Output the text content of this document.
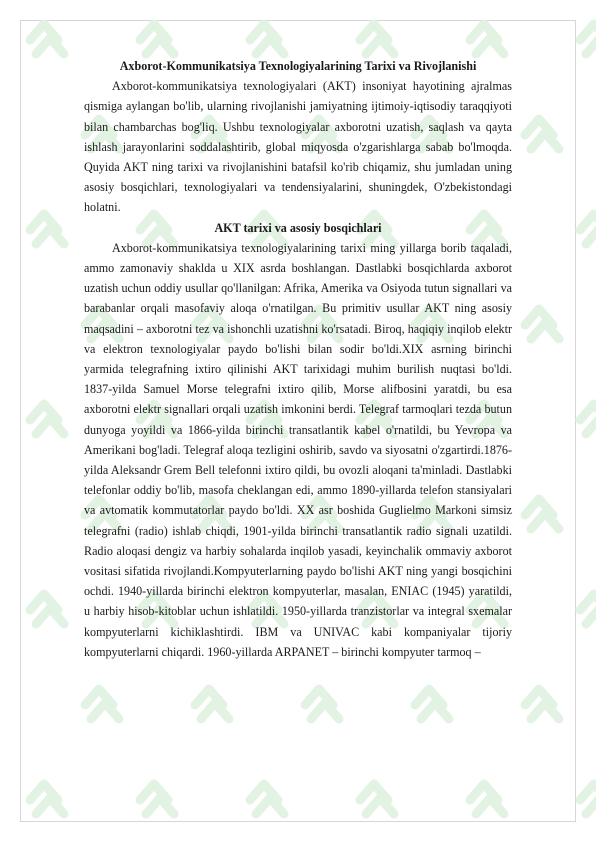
Axborot-Kommunikatsiya Texnologiyalarining Tarixi va Rivojlanishi

Axborot-kommunikatsiya texnologiyalari (AKT) insoniyat hayotining ajralmas qismiga aylangan bo'lib, ularning rivojlanishi jamiyatning ijtimoiy-iqtisodiy taraqqiyoti bilan chambarchas bog'liq. Ushbu texnologiyalar axborotni uzatish, saqlash va qayta ishlash jarayonlarini soddalashtirib, global miqyosda o'zgarishlarga sabab bo'lmoqda. Quyida AKT ning tarixi va rivojlanishini batafsil ko'rib chiqamiz, shu jumladan uning asosiy bosqichlari, texnologiyalari va tendensiyalarini, shuningdek, O'zbekistondagi holatni.

AKT tarixi va asosiy bosqichlari

Axborot-kommunikatsiya texnologiyalarining tarixi ming yillarga borib taqaladi, ammo zamonaviy shaklda u XIX asrda boshlangan. Dastlabki bosqichlarda axborot uzatish uchun oddiy usullar qo'llanilgan: Afrika, Amerika va Osiyoda tutun signallari va barabanlar orqali masofaviy aloqa o'rnatilgan. Bu primitiv usullar AKT ning asosiy maqsadini – axborotni tez va ishonchli uzatishni ko'rsatadi. Biroq, haqiqiy inqilob elektr va elektron texnologiyalar paydo bo'lishi bilan sodir bo'ldi.XIX asrning birinchi yarmida telegrafning ixtiro qilinishi AKT tarixidagi muhim burilish nuqtasi bo'ldi. 1837-yilda Samuel Morse telegrafni ixtiro qilib, Morse alifbosini yaratdi, bu esa axborotni elektr signallari orqali uzatish imkonini berdi. Telegraf tarmoqlari tezda butun dunyoga yoyildi va 1866-yilda birinchi transatlantik kabel o'rnatildi, bu Yevropa va Amerikani bog'ladi. Telegraf aloqa tezligini oshirib, savdo va siyosatni o'zgartirdi.1876-yilda Aleksandr Grem Bell telefonni ixtiro qildi, bu ovozli aloqani ta'minladi. Dastlabki telefonlar oddiy bo'lib, masofa cheklangan edi, ammo 1890-yillarda telefon stansiyalari va avtomatik kommutatorlar paydo bo'ldi. XX asr boshida Guglielmo Markoni simsiz telegrafni (radio) ishlab chiqdi, 1901-yilda birinchi transatlantik radio signali uzatildi. Radio aloqasi dengiz va harbiy sohalarda inqilob yasadi, keyinchalik ommaviy axborot vositasi sifatida rivojlandi.Kompyuterlarning paydo bo'lishi AKT ning yangi bosqichini ochdi. 1940-yillarda birinchi elektron kompyuterlar, masalan, ENIAC (1945) yaratildi, u harbiy hisob-kitoblar uchun ishlatildi. 1950-yillarda tranzistorlar va integral sxemalar kompyuterlarni kichiklashtirdi. IBM va UNIVAC kabi kompaniyalar tijoriy kompyuterlarni chiqardi. 1960-yillarda ARPANET – birinchi kompyuter tarmoq –
